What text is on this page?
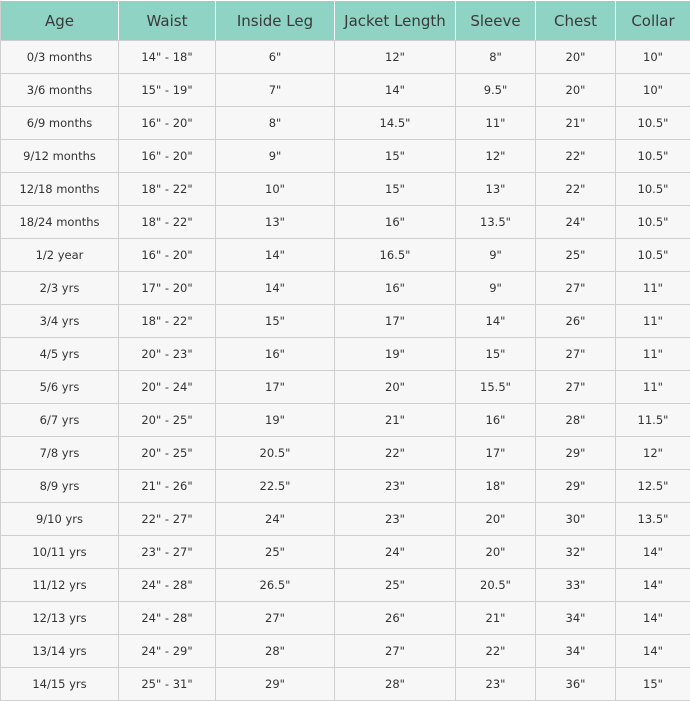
Age	Waist	Inside Leg	Jacket Length	Sleeve	Chest	Collar
0/3 months	14" - 18"	6"	12"	8"	20"	10"
3/6 months	15" - 19"	7"	14"	9.5"	20"	10"
6/9 months	16" - 20"	8"	14.5"	11"	21"	10.5"
9/12 months	16" - 20"	9"	15"	12"	22"	10.5"
12/18 months	18" - 22"	10"	15"	13"	22"	10.5"
18/24 months	18" - 22"	13"	16"	13.5"	24"	10.5"
1/2 year	16" - 20"	14"	16.5"	9"	25"	10.5"
2/3 yrs	17" - 20"	14"	16"	9"	27"	11"
3/4 yrs	18" - 22"	15"	17"	14"	26"	11"
4/5 yrs	20" - 23"	16"	19"	15"	27"	11"
5/6 yrs	20" - 24"	17"	20"	15.5"	27"	11"
6/7 yrs	20" - 25"	19"	21"	16"	28"	11.5"
7/8 yrs	20" - 25"	20.5"	22"	17"	29"	12"
8/9 yrs	21" - 26"	22.5"	23"	18"	29"	12.5"
9/10 yrs	22" - 27"	24"	23"	20"	30"	13.5"
10/11 yrs	23" - 27"	25"	24"	20"	32"	14"
11/12 yrs	24" - 28"	26.5"	25"	20.5"	33"	14"
12/13 yrs	24" - 28"	27"	26"	21"	34"	14"
13/14 yrs	24" - 29"	28"	27"	22"	34"	14"
14/15 yrs	25" - 31"	29"	28"	23"	36"	15"
